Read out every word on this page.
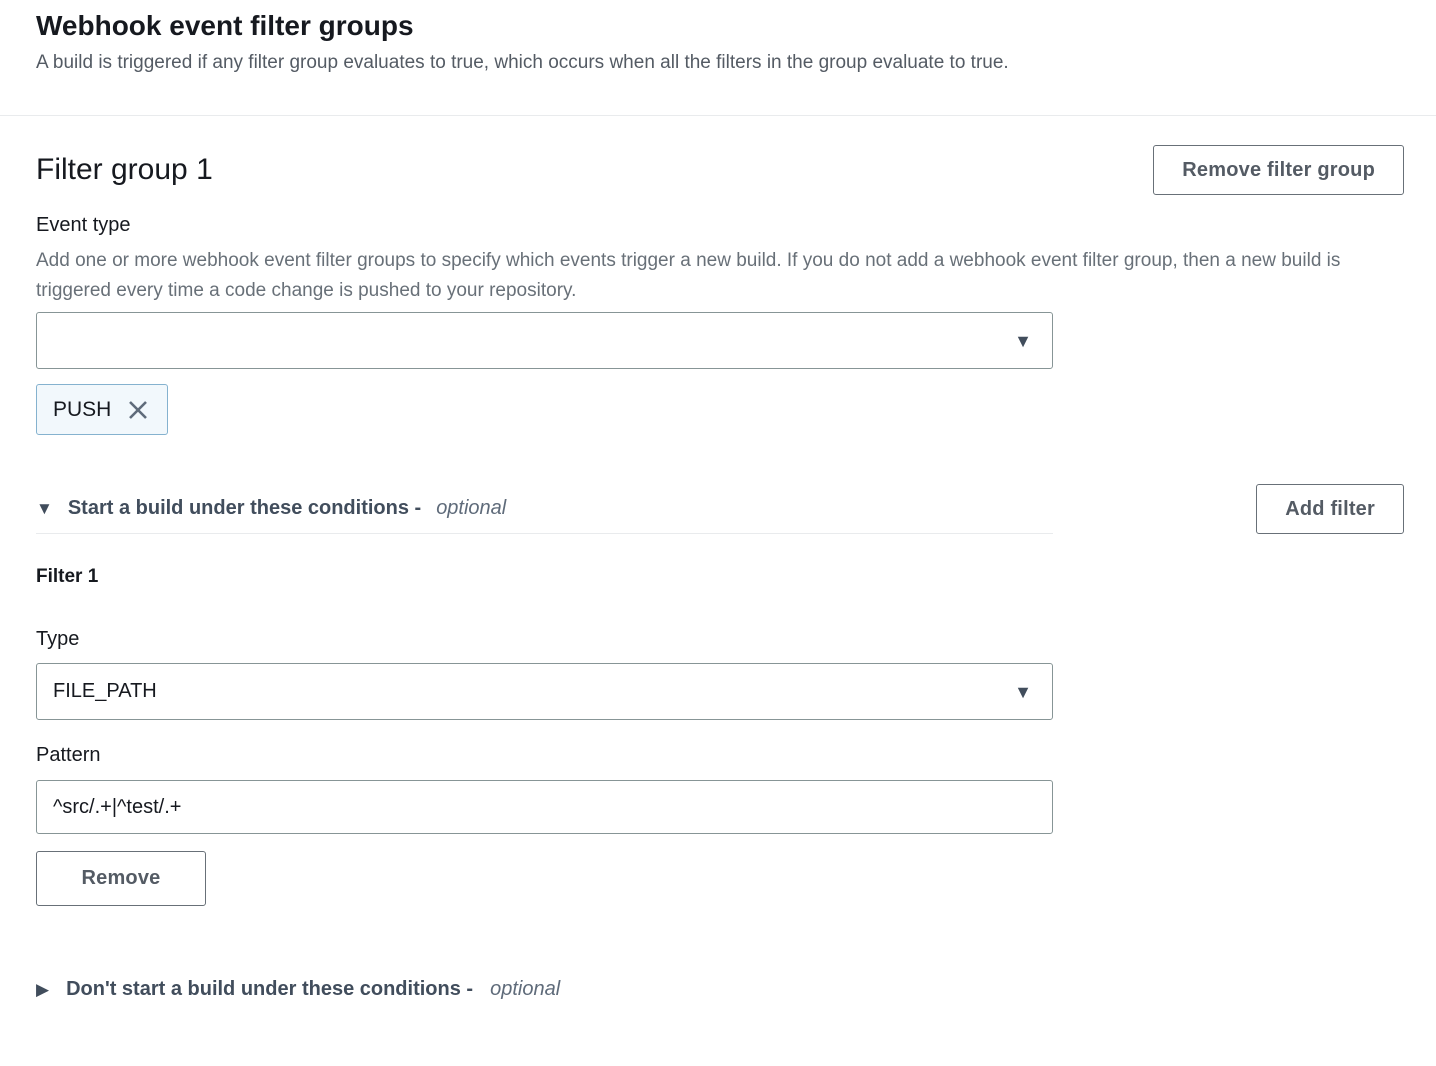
Webhook event filter groups
A build is triggered if any filter group evaluates to true, which occurs when all the filters in the group evaluate to true.
Filter group 1	Remove filter group
Event type
Add one or more webhook event filter groups to specify which events trigger a new build. If you do not add a webhook event filter group, then a new build is triggered every time a code change is pushed to your repository.
▼
PUSH
▼ Start a build under these conditions - optional	Add filter
Filter 1
Type
FILE_PATH	▼
Pattern
^src/.+|^test/.+ Remove
▶ Don't start a build under these conditions - optional
